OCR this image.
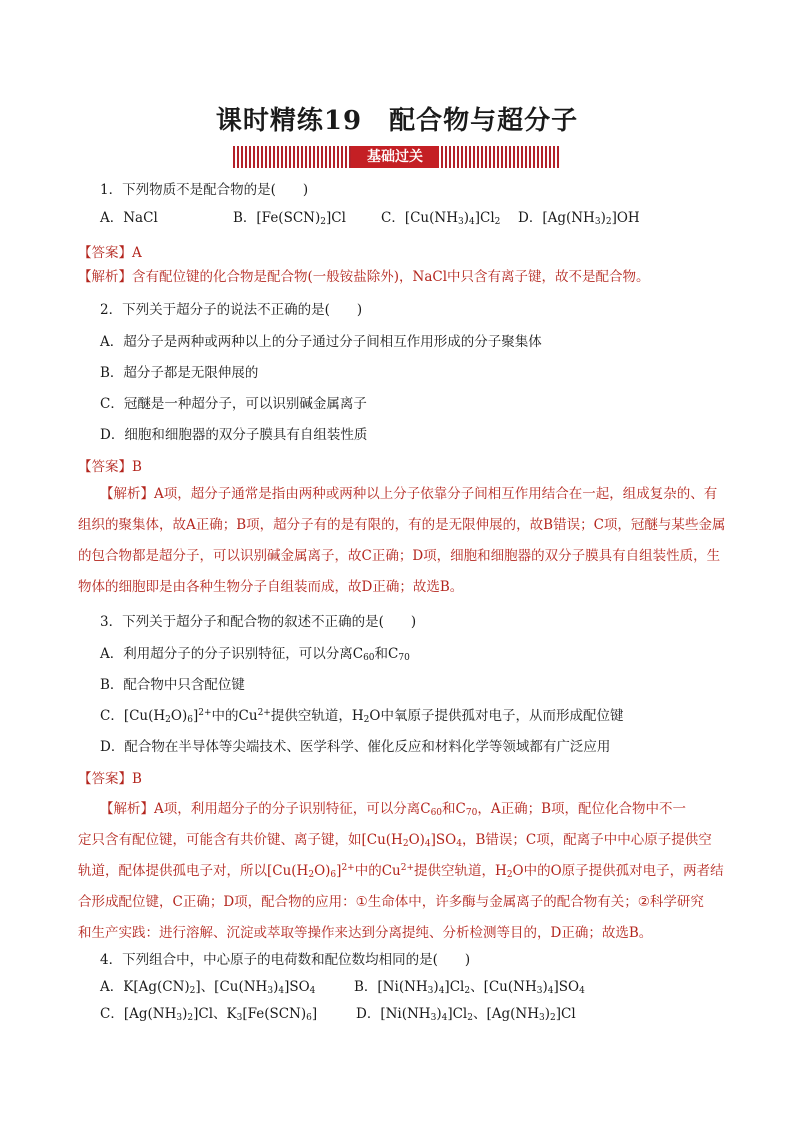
课时精练19　配合物与超分子
基础过关
1．下列物质不是配合物的是(　　)
A．NaCl	B．$[Fe(SCN)_2]Cl$	C．$[Cu(NH_3)_4]Cl_2$ D．$[Ag(NH_3)_2]OH$
【答案】A
【解析】含有配位键的化合物是配合物(一般铵盐除外)，NaCl中只含有离子键，故不是配合物。
2．下列关于超分子的说法不正确的是(　　)
A．超分子是两种或两种以上的分子通过分子间相互作用形成的分子聚集体
B．超分子都是无限伸展的
C．冠醚是一种超分子，可以识别碱金属离子
D．细胞和细胞器的双分子膜具有自组装性质
【答案】B
【解析】A项，超分子通常是指由两种或两种以上分子依靠分子间相互作用结合在一起，组成复杂的、有组织的聚集体，故A正确；B项，超分子有的是有限的，有的是无限伸展的，故B错误；C项，冠醚与某些金属的包合物都是超分子，可以识别碱金属离子，故C正确；D项，细胞和细胞器的双分子膜具有自组装性质，生物体的细胞即是由各种生物分子自组装而成，故D正确；故选B。
3．下列关于超分子和配合物的叙述不正确的是(　　)
A．利用超分子的分子识别特征，可以分离$C_{60}$和$C_{70}$
B．配合物中只含配位键
C．$[Cu(H_2O)_6]^{2+}$中的$Cu^{2+}$提供空轨道，$H_2O$中氧原子提供孤对电子，从而形成配位键
D．配合物在半导体等尖端技术、医学科学、催化反应和材料化学等领域都有广泛应用
【答案】B
【解析】A项，利用超分子的分子识别特征，可以分离$C_{60}$和$C_{70}$，A正确；B项，配位化合物中不一
定只含有配位键，可能含有共价键、离子键，如$[Cu(H_2O)_4]SO_4$，B错误；C项，配离子中中心原子提供空
轨道，配体提供孤电子对，所以$[Cu(H_2O)_6]^{2+}$中的$Cu^{2+}$提供空轨道，$H_2O$中的O原子提供孤对电子，两者结
合形成配位键，C正确；D项，配合物的应用：①生命体中，许多酶与金属离子的配合物有关；②科学研究
和生产实践：进行溶解、沉淀或萃取等操作来达到分离提纯、分析检测等目的，D正确；故选B。
4．下列组合中，中心原子的电荷数和配位数均相同的是(　　)
A．$K[Ag(CN)_2]$、$[Cu(NH_3)_4]SO_4$	B．$[Ni(NH_3)_4]Cl_2$、$[Cu(NH_3)_4]SO_4$
C．$[Ag(NH_3)_2]Cl$、$K_3[Fe(SCN)_6]$	D．$[Ni(NH_3)_4]Cl_2$、$[Ag(NH_3)_2]Cl$
